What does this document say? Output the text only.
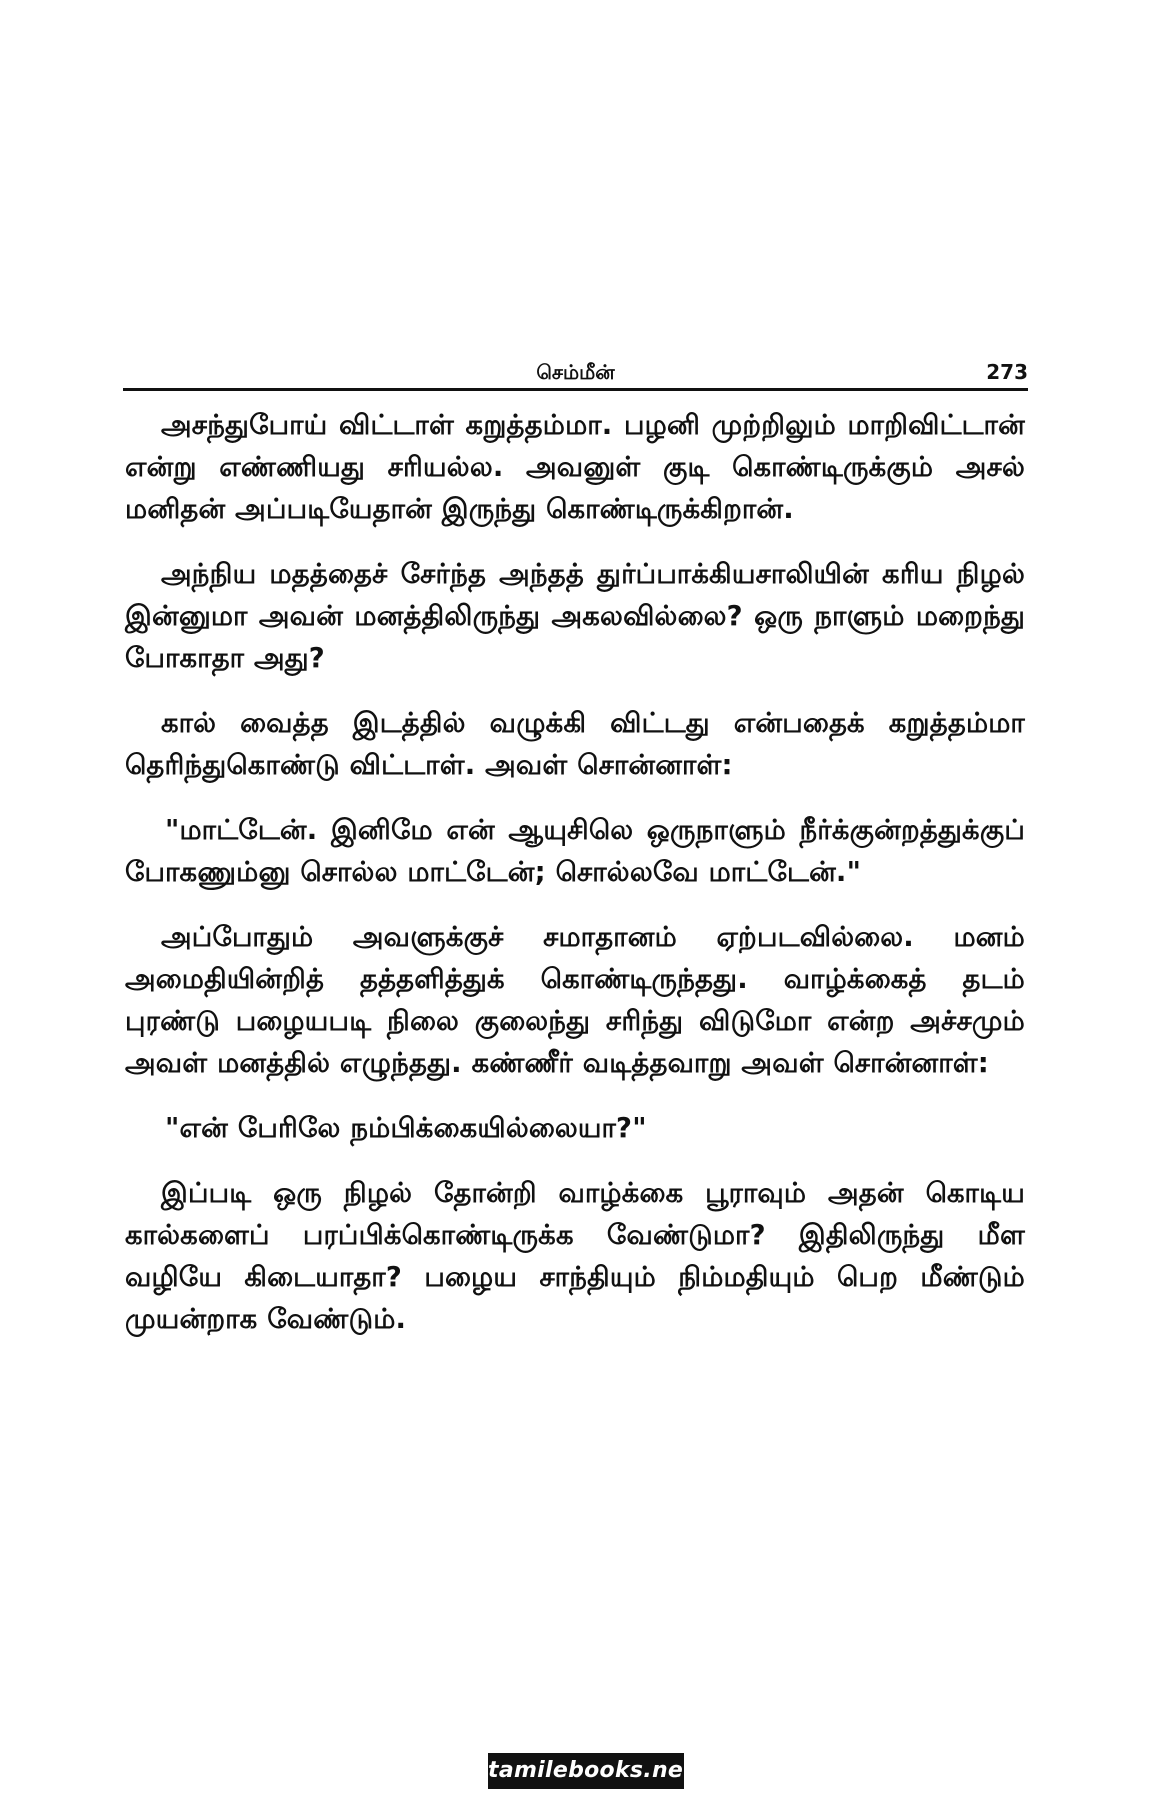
செம்மீன்	273

அசந்துபோய் விட்டாள் கறுத்தம்மா. பழனி முற்றிலும் மாறிவிட்டான் என்று எண்ணியது சரியல்ல. அவனுள் குடி கொண்டிருக்கும் அசல் மனிதன் அப்படியேதான் இருந்து கொண்டிருக்கிறான்.

அந்நிய மதத்தைச் சேர்ந்த அந்தத் துர்ப்பாக்கியசாலியின் கரிய நிழல் இன்னுமா அவன் மனத்திலிருந்து அகலவில்லை? ஒரு நாளும் மறைந்து போகாதா அது?

கால் வைத்த இடத்தில் வழுக்கி விட்டது என்பதைக் கறுத்தம்மா தெரிந்துகொண்டு விட்டாள். அவள் சொன்னாள்:

"மாட்டேன். இனிமே என் ஆயுசிலெ ஒருநாளும் நீர்க்குன்றத்துக்குப் போகணும்னு சொல்ல மாட்டேன்; சொல்லவே மாட்டேன்."

அப்போதும் அவளுக்குச் சமாதானம் ஏற்படவில்லை. மனம் அமைதியின்றித் தத்தளித்துக் கொண்டிருந்தது. வாழ்க்கைத் தடம் புரண்டு பழையபடி நிலை குலைந்து சரிந்து விடுமோ என்ற அச்சமும் அவள் மனத்தில் எழுந்தது. கண்ணீர் வடித்தவாறு அவள் சொன்னாள்:

"என் பேரிலே நம்பிக்கையில்லையா?"

இப்படி ஒரு நிழல் தோன்றி வாழ்க்கை பூராவும் அதன் கொடிய கால்களைப் பரப்பிக்கொண்டிருக்க வேண்டுமா? இதிலிருந்து மீள வழியே கிடையாதா? பழைய சாந்தியும் நிம்மதியும் பெற மீண்டும் முயன்றாக வேண்டும்.

tamilebooks.net
